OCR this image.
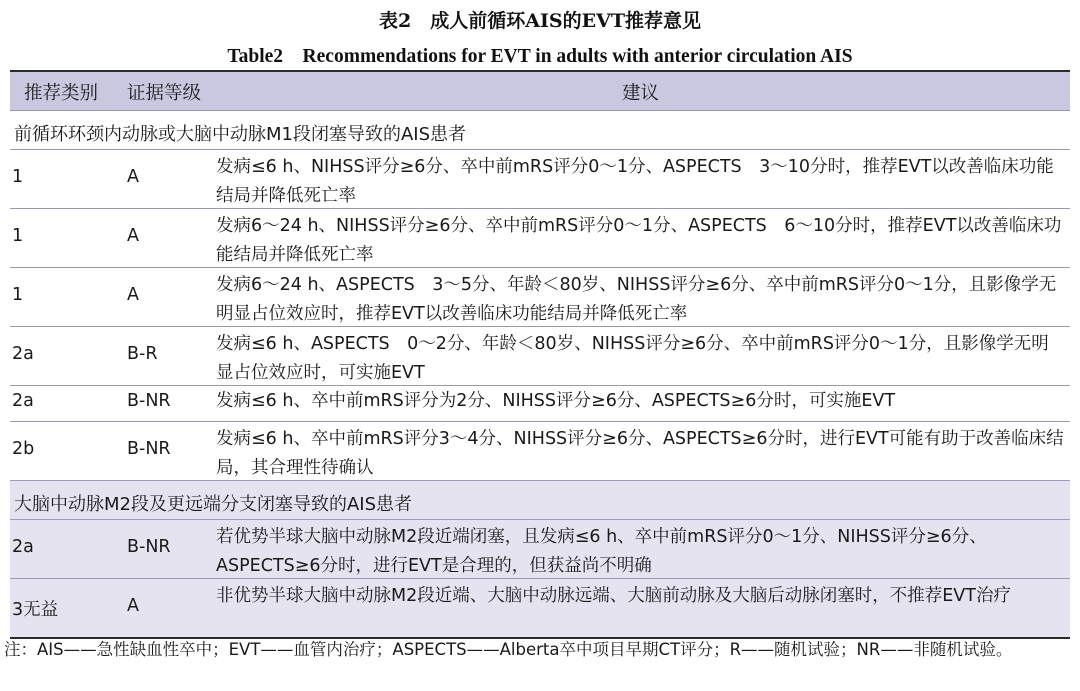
表2　成人前循环AIS的EVT推荐意见
Table2　Recommendations for EVT in adults with anterior circulation AIS
推荐类别 证据等级	建议
前循环环颈内动脉或大脑中动脉M1段闭塞导致的AIS患者
1	A	发病≤6 h、NIHSS评分≥6分、卒中前mRS评分0～1分、ASPECTS　3～10分时，推荐EVT以改善临床功能结局并降低死亡率
1	A	发病6～24 h、NIHSS评分≥6分、卒中前mRS评分0～1分、ASPECTS　6～10分时，推荐EVT以改善临床功能结局并降低死亡率
1	A	发病6～24 h、ASPECTS　3～5分、年龄＜80岁、NIHSS评分≥6分、卒中前mRS评分0～1分，且影像学无明显占位效应时，推荐EVT以改善临床功能结局并降低死亡率
2a	B-R	发病≤6 h、ASPECTS　0～2分、年龄＜80岁、NIHSS评分≥6分、卒中前mRS评分0～1分，且影像学无明显占位效应时，可实施EVT
2a	B-NR	发病≤6 h、卒中前mRS评分为2分、NIHSS评分≥6分、ASPECTS≥6分时，可实施EVT
2b	B-NR	发病≤6 h、卒中前mRS评分3～4分、NIHSS评分≥6分、ASPECTS≥6分时，进行EVT可能有助于改善临床结局，其合理性待确认
大脑中动脉M2段及更远端分支闭塞导致的AIS患者
2a	B-NR	若优势半球大脑中动脉M2段近端闭塞，且发病≤6 h、卒中前mRS评分0～1分、NIHSS评分≥6分、ASPECTS≥6分时，进行EVT是合理的，但获益尚不明确
3无益	A	非优势半球大脑中动脉M2段近端、大脑中动脉远端、大脑前动脉及大脑后动脉闭塞时，不推荐EVT治疗
注：AIS——急性缺血性卒中；EVT——血管内治疗；ASPECTS——Alberta卒中项目早期CT评分；R——随机试验；NR——非随机试验。
